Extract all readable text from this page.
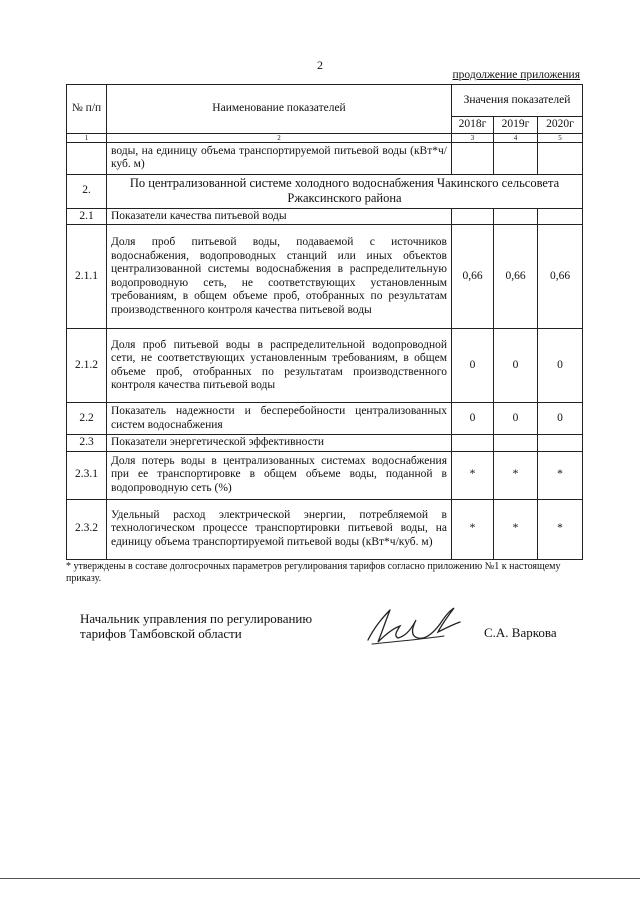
2
продолжение приложения
№ п/п	Наименование показателей	Значения показателей		
		2018г	2019г	2020г
1	2	3	4	5
	воды, на единицу объема транспортируемой питьевой воды (кВт*ч/куб. м)			
2.	По централизованной системе холодного водоснабжения Чакинского сельсовета Ржаксинского района			
2.1	Показатели качества питьевой воды			
2.1.1	Доля проб питьевой воды, подаваемой с источников водоснабжения, водопроводных станций или иных объектов централизованной системы водоснабжения в распределительную водопроводную сеть, не соответствующих установленным требованиям, в общем объеме проб, отобранных по результатам производственного контроля качества питьевой воды	0,66	0,66	0,66
2.1.2	Доля проб питьевой воды в распределительной водопроводной сети, не соответствующих установленным требованиям, в общем объеме проб, отобранных по результатам производственного контроля качества питьевой воды	0	0	0
2.2	Показатель надежности и бесперебойности централизованных систем водоснабжения	0	0	0
2.3	Показатели энергетической эффективности			
2.3.1	Доля потерь воды в централизованных системах водоснабжения при ее транспортировке в общем объеме воды, поданной в водопроводную сеть (%)	*	*	*
2.3.2	Удельный расход электрической энергии, потребляемой в технологическом процессе транспортировки питьевой воды, на единицу объема транспортируемой питьевой воды (кВт*ч/куб. м)	*	*	*
* утверждены в составе долгосрочных параметров регулирования тарифов согласно приложению №1 к настоящему приказу.
Начальник управления по регулированию
тарифов Тамбовской области	С.А. Варкова
